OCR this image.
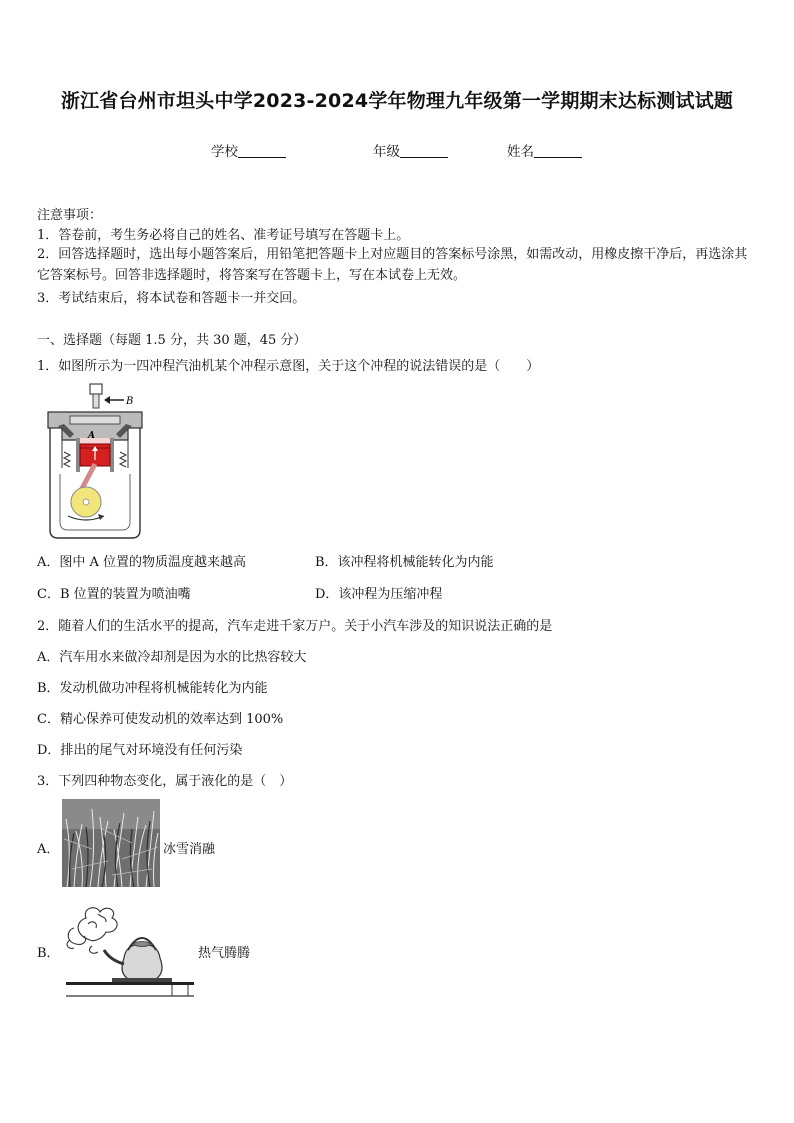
浙江省台州市坦头中学2023-2024学年物理九年级第一学期期末达标测试试题
学校	年级	姓名
注意事项：
1．答卷前，考生务必将自己的姓名、准考证号填写在答题卡上。
2．回答选择题时，选出每小题答案后，用铅笔把答题卡上对应题目的答案标号涂黑，如需改动，用橡皮擦干净后，再选涂其它答案标号。回答非选择题时，将答案写在答题卡上，写在本试卷上无效。
3．考试结束后，将本试卷和答题卡一并交回。
一、选择题（每题 1.5 分，共 30 题，45 分）
1．如图所示为一四冲程汽油机某个冲程示意图，关于这个冲程的说法错误的是（　　）
B
A
A．图中 A 位置的物质温度越来越高	B．该冲程将机械能转化为内能
C．B 位置的装置为喷油嘴	D．该冲程为压缩冲程
2．随着人们的生活水平的提高，汽车走进千家万户。关于小汽车涉及的知识说法正确的是
A．汽车用水来做冷却剂是因为水的比热容较大
B．发动机做功冲程将机械能转化为内能
C．精心保养可使发动机的效率达到 100%
D．排出的尾气对环境没有任何污染
3．下列四种物态变化，属于液化的是（　）
A．	冰雪消融
B．	热气腾腾
